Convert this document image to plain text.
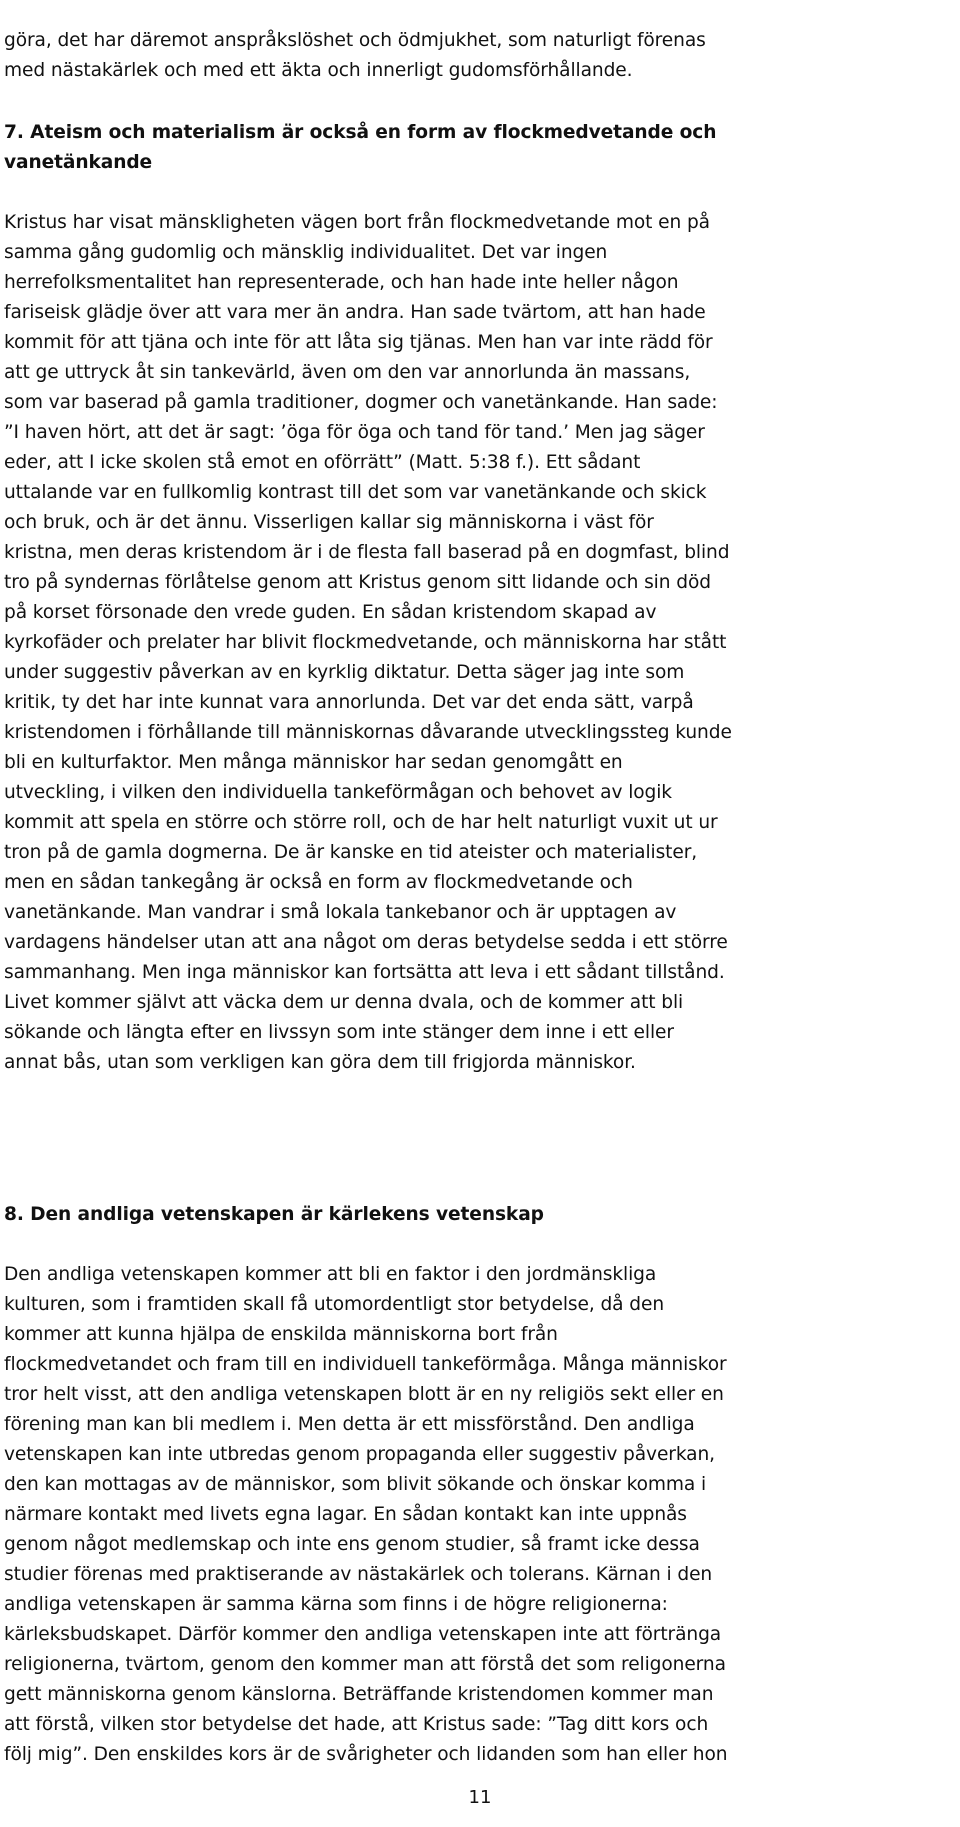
göra, det har däremot anspråkslöshet och ödmjukhet, som naturligt förenas
med nästakärlek och med ett äkta och innerligt gudomsförhållande.

7. Ateism och materialism är också en form av flockmedvetande och
vanetänkande

Kristus har visat mänskligheten vägen bort från flockmedvetande mot en på
samma gång gudomlig och mänsklig individualitet. Det var ingen
herrefolksmentalitet han representerade, och han hade inte heller någon
fariseisk glädje över att vara mer än andra. Han sade tvärtom, att han hade
kommit för att tjäna och inte för att låta sig tjänas. Men han var inte rädd för
att ge uttryck åt sin tankevärld, även om den var annorlunda än massans,
som var baserad på gamla traditioner, dogmer och vanetänkande. Han sade:
”I haven hört, att det är sagt: ’öga för öga och tand för tand.’ Men jag säger
eder, att I icke skolen stå emot en oförrätt” (Matt. 5:38 f.). Ett sådant
uttalande var en fullkomlig kontrast till det som var vanetänkande och skick
och bruk, och är det ännu. Visserligen kallar sig människorna i väst för
kristna, men deras kristendom är i de flesta fall baserad på en dogmfast, blind
tro på syndernas förlåtelse genom att Kristus genom sitt lidande och sin död
på korset försonade den vrede guden. En sådan kristendom skapad av
kyrkofäder och prelater har blivit flockmedvetande, och människorna har stått
under suggestiv påverkan av en kyrklig diktatur. Detta säger jag inte som
kritik, ty det har inte kunnat vara annorlunda. Det var det enda sätt, varpå
kristendomen i förhållande till människornas dåvarande utvecklingssteg kunde
bli en kulturfaktor. Men många människor har sedan genomgått en
utveckling, i vilken den individuella tankeförmågan och behovet av logik
kommit att spela en större och större roll, och de har helt naturligt vuxit ut ur
tron på de gamla dogmerna. De är kanske en tid ateister och materialister,
men en sådan tankegång är också en form av flockmedvetande och
vanetänkande. Man vandrar i små lokala tankebanor och är upptagen av
vardagens händelser utan att ana något om deras betydelse sedda i ett större
sammanhang. Men inga människor kan fortsätta att leva i ett sådant tillstånd.
Livet kommer självt att väcka dem ur denna dvala, och de kommer att bli
sökande och längta efter en livssyn som inte stänger dem inne i ett eller
annat bås, utan som verkligen kan göra dem till frigjorda människor.

8. Den andliga vetenskapen är kärlekens vetenskap

Den andliga vetenskapen kommer att bli en faktor i den jordmänskliga
kulturen, som i framtiden skall få utomordentligt stor betydelse, då den
kommer att kunna hjälpa de enskilda människorna bort från
flockmedvetandet och fram till en individuell tankeförmåga. Många människor
tror helt visst, att den andliga vetenskapen blott är en ny religiös sekt eller en
förening man kan bli medlem i. Men detta är ett missförstånd. Den andliga
vetenskapen kan inte utbredas genom propaganda eller suggestiv påverkan,
den kan mottagas av de människor, som blivit sökande och önskar komma i
närmare kontakt med livets egna lagar. En sådan kontakt kan inte uppnås
genom något medlemskap och inte ens genom studier, så framt icke dessa
studier förenas med praktiserande av nästakärlek och tolerans. Kärnan i den
andliga vetenskapen är samma kärna som finns i de högre religionerna:
kärleksbudskapet. Därför kommer den andliga vetenskapen inte att förtränga
religionerna, tvärtom, genom den kommer man att förstå det som religonerna
gett människorna genom känslorna. Beträffande kristendomen kommer man
att förstå, vilken stor betydelse det hade, att Kristus sade: ”Tag ditt kors och
följ mig”. Den enskildes kors är de svårigheter och lidanden som han eller hon

11
